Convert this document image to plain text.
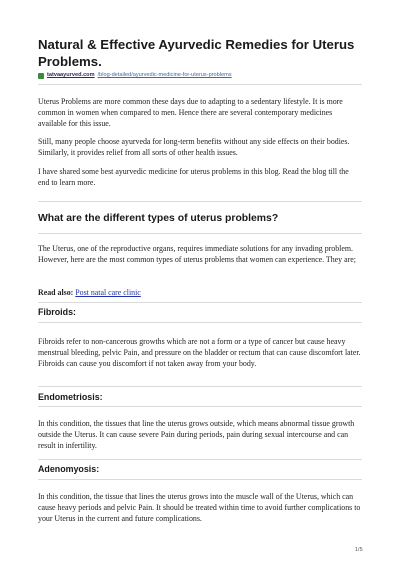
Natural & Effective Ayurvedic Remedies for Uterus Problems.
tatvaayurved.com /blog-detailed/ayurvedic-medicine-for-uterus-problems

Uterus Problems are more common these days due to adapting to a sedentary lifestyle. It is more common in women when compared to men. Hence there are several contemporary medicines available for this issue.

Still, many people choose ayurveda for long-term benefits without any side effects on their bodies. Similarly, it provides relief from all sorts of other health issues.

I have shared some best ayurvedic medicine for uterus problems in this blog. Read the blog till the end to learn more.

What are the different types of uterus problems?

The Uterus, one of the reproductive organs, requires immediate solutions for any invading problem. However, here are the most common types of uterus problems that women can experience. They are;

Read also: Post natal care clinic

Fibroids:

Fibroids refer to non-cancerous growths which are not a form or a type of cancer but cause heavy menstrual bleeding, pelvic Pain, and pressure on the bladder or rectum that can cause discomfort later. Fibroids can cause you discomfort if not taken away from your body.

Endometriosis:

In this condition, the tissues that line the uterus grows outside, which means abnormal tissue growth outside the Uterus. It can cause severe Pain during periods, pain during sexual intercourse and can result in infertility.

Adenomyosis:

In this condition, the tissue that lines the uterus grows into the muscle wall of the Uterus, which can cause heavy periods and pelvic Pain. It should be treated within time to avoid further complications to your Uterus in the current and future complications.

1/5
